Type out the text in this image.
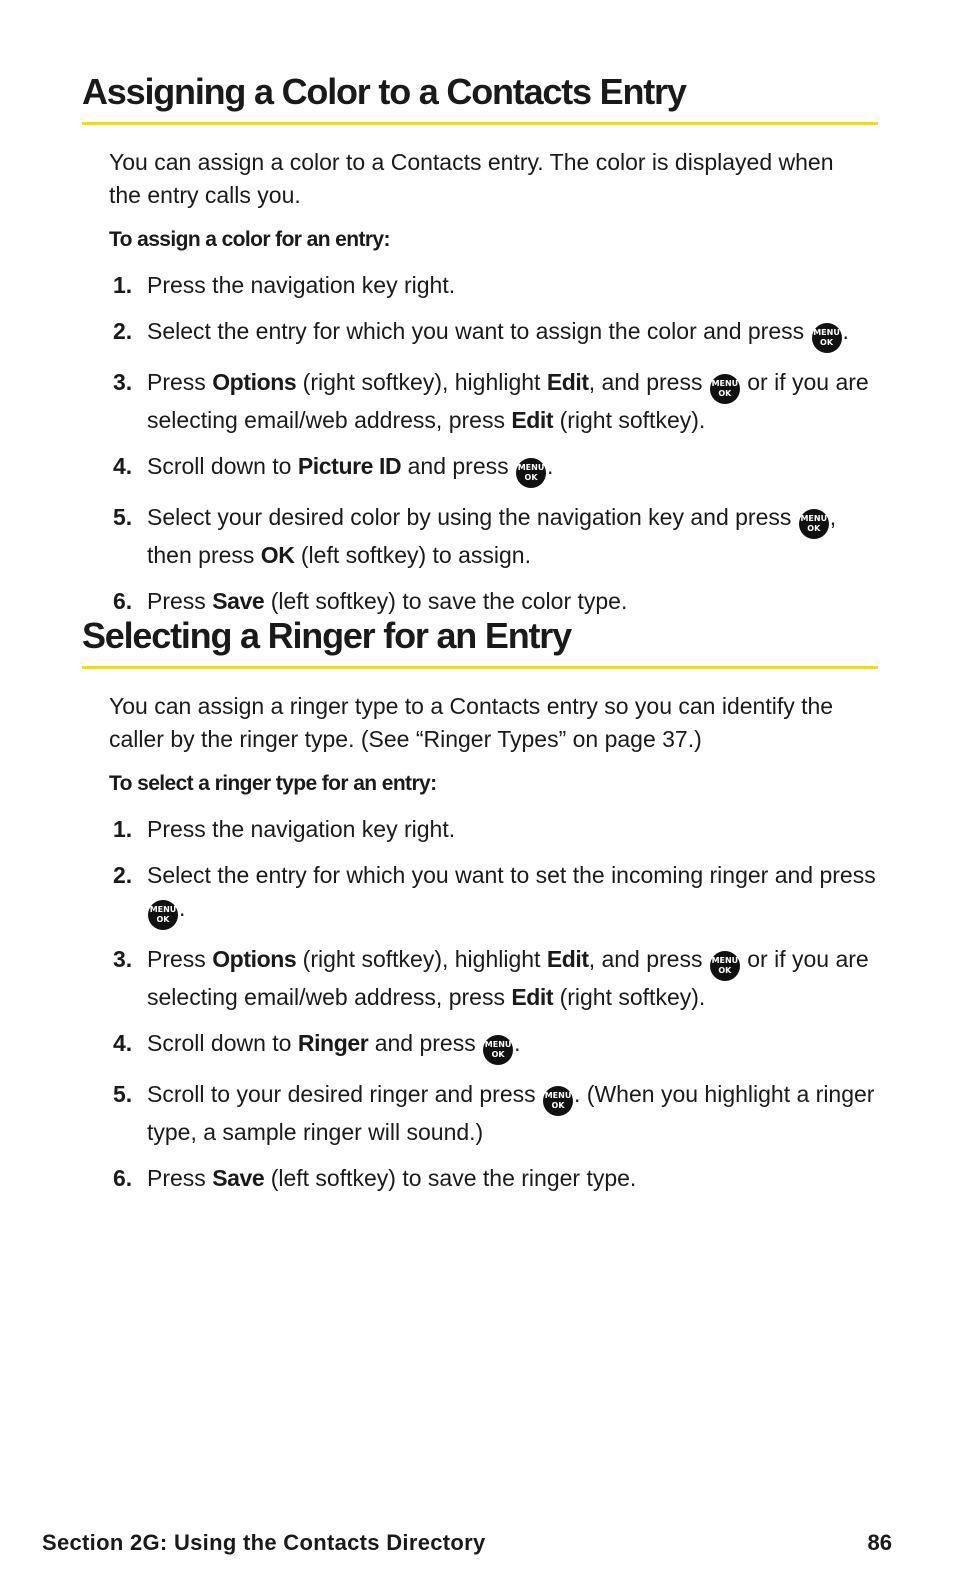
Assigning a Color to a Contacts Entry

You can assign a color to a Contacts entry. The color is displayed when the entry calls you.

To assign a color for an entry:

1. Press the navigation key right.
2. Select the entry for which you want to assign the color and press MENU
OK .
3. Press Options (right softkey), highlight Edit, and press MENU
OK or if you are selecting email/web address, press Edit (right softkey).
4. Scroll down to Picture ID and press MENU
OK .
5. Select your desired color by using the navigation key and press MENU
OK , then press OK (left softkey) to assign.
6. Press Save (left softkey) to save the color type.
Selecting a Ringer for an Entry

You can assign a ringer type to a Contacts entry so you can identify the caller by the ringer type. (See “Ringer Types” on page 37.)

To select a ringer type for an entry:

1. Press the navigation key right.
2. Select the entry for which you want to set the incoming ringer and press
MENU
OK .
3. Press Options (right softkey), highlight Edit, and press MENU
OK or if you are selecting email/web address, press Edit (right softkey).
4. Scroll down to Ringer and press MENU
OK .
5. Scroll to your desired ringer and press MENU
OK . (When you highlight a ringer type, a sample ringer will sound.)
6. Press Save (left softkey) to save the ringer type.
Section 2G: Using the Contacts Directory	86
